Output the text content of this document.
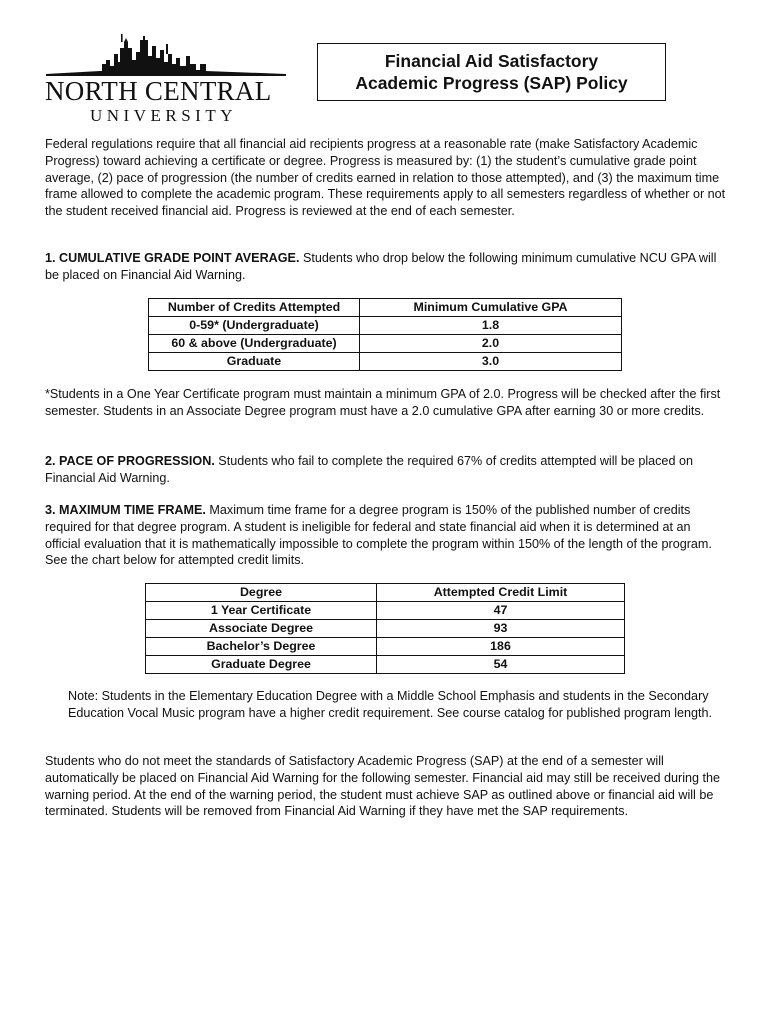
NORTH CENTRAL
UNIVERSITY
Financial Aid Satisfactory
Academic Progress (SAP) Policy

Federal regulations require that all financial aid recipients progress at a reasonable rate (make Satisfactory Academic Progress) toward achieving a certificate or degree. Progress is measured by: (1) the student’s cumulative grade point average, (2) pace of progression (the number of credits earned in relation to those attempted), and (3) the maximum time frame allowed to complete the academic program. These requirements apply to all semesters regardless of whether or not the student received financial aid. Progress is reviewed at the end of each semester.

1. CUMULATIVE GRADE POINT AVERAGE. Students who drop below the following minimum cumulative NCU GPA will be placed on Financial Aid Warning.

Number of Credits Attempted	Minimum Cumulative GPA
0-59* (Undergraduate)	1.8
60 & above (Undergraduate)	2.0
Graduate	3.0

*Students in a One Year Certificate program must maintain a minimum GPA of 2.0. Progress will be checked after the first semester. Students in an Associate Degree program must have a 2.0 cumulative GPA after earning 30 or more credits.

2. PACE OF PROGRESSION. Students who fail to complete the required 67% of credits attempted will be placed on Financial Aid Warning.

3. MAXIMUM TIME FRAME. Maximum time frame for a degree program is 150% of the published number of credits required for that degree program. A student is ineligible for federal and state financial aid when it is determined at an official evaluation that it is mathematically impossible to complete the program within 150% of the length of the program. See the chart below for attempted credit limits.

Degree	Attempted Credit Limit
1 Year Certificate	47
Associate Degree	93
Bachelor’s Degree	186
Graduate Degree	54

Note: Students in the Elementary Education Degree with a Middle School Emphasis and students in the Secondary Education Vocal Music program have a higher credit requirement. See course catalog for published program length.

Students who do not meet the standards of Satisfactory Academic Progress (SAP) at the end of a semester will automatically be placed on Financial Aid Warning for the following semester. Financial aid may still be received during the warning period. At the end of the warning period, the student must achieve SAP as outlined above or financial aid will be terminated. Students will be removed from Financial Aid Warning if they have met the SAP requirements.
